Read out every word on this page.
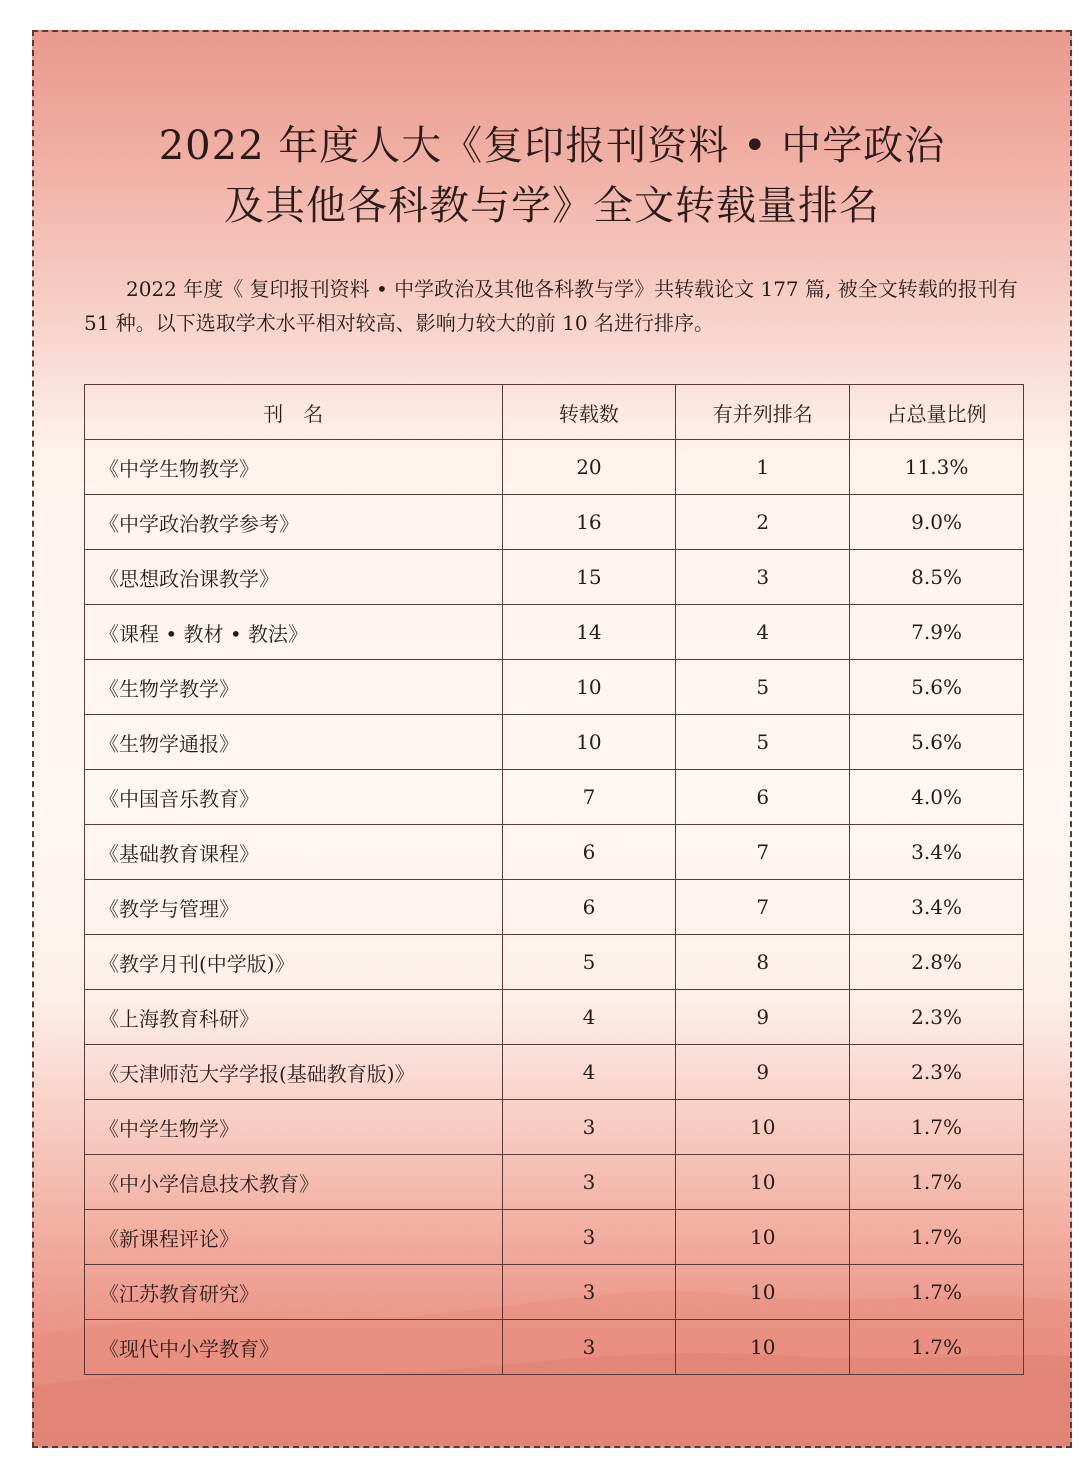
2022 年度人大《复印报刊资料 • 中学政治
及其他各科教与学》全文转载量排名

2022 年度《 复印报刊资料 • 中学政治及其他各科教与学》共转载论文 177 篇, 被全文转载的报刊有 51 种。以下选取学术水平相对较高、影响力较大的前 10 名进行排序。

刊　名	转载数	有并列排名	占总量比例
《中学生物教学》	20	1	11.3%
《中学政治教学参考》	16	2	9.0%
《思想政治课教学》	15	3	8.5%
《课程 • 教材 • 教法》	14	4	7.9%
《生物学教学》	10	5	5.6%
《生物学通报》	10	5	5.6%
《中国音乐教育》	7	6	4.0%
《基础教育课程》	6	7	3.4%
《教学与管理》	6	7	3.4%
《教学月刊(中学版)》	5	8	2.8%
《上海教育科研》	4	9	2.3%
《天津师范大学学报(基础教育版)》	4	9	2.3%
《中学生物学》	3	10	1.7%
《中小学信息技术教育》	3	10	1.7%
《新课程评论》	3	10	1.7%
《江苏教育研究》	3	10	1.7%
《现代中小学教育》	3	10	1.7%
